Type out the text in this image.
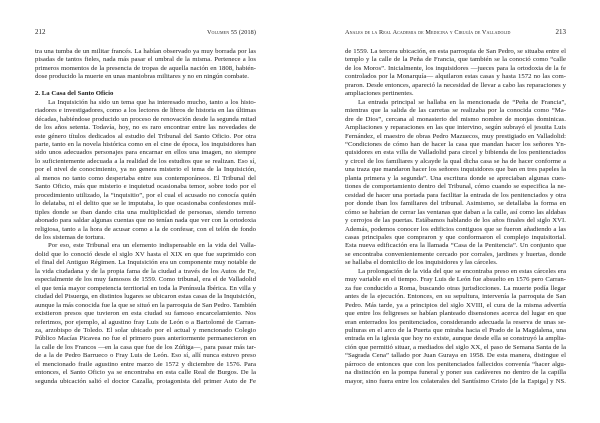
212	Volumen 55 (2018)
tra una tumba de un militar francés. La habían observado ya muy borrada por las
pisadas de tantos fieles, nada más pasar el umbral de la misma. Pertenece a los
primeros momentos de la presencia de tropas de aquella nación en 1808, habién-
dose producido la muerte en unas maniobras militares y no en ningún combate.
2. La Casa del Santo Oficio
La Inquisición ha sido un tema que ha interesado mucho, tanto a los histo-
riadores e investigadores, como a los lectores de libros de historia en las últimas
décadas, habiéndose producido un proceso de renovación desde la segunda mitad
de los años setenta. Todavía, hoy, no es raro encontrar entre las novedades de
este género títulos dedicados al estudio del Tribunal del Santo Oficio. Por otra
parte, tanto en la novela histórica como en el cine de época, los inquisidores han
sido unos adecuados personajes para encarnar en ellos una imagen, no siempre
lo suficientemente adecuada a la realidad de los estudios que se realizan. Eso sí,
por el nivel de conocimiento, ya no genera misterio el tema de la Inquisición,
al menos no tanto como despertaba entre sus contemporáneos. El Tribunal del
Santo Oficio, más que misterio e inquietud ocasionaba temor, sobre todo por el
procedimiento utilizado, la “inquisitio”, por el cual el acusado no conocía quién
lo delataba, ni el delito que se le imputaba, lo que ocasionaba confesiones múl-
tiples donde se iban dando cita una multiplicidad de personas, siendo terreno
abonado para saldar algunas cuentas que no tenían nada que ver con la ortodoxia
religiosa, tanto a la hora de acusar como a la de confesar, con el telón de fondo
de los sistemas de tortura.
Por eso, este Tribunal era un elemento indispensable en la vida del Valla-
dolid que lo conoció desde el siglo XV hasta el XIX en que fue suprimido con
el final del Antiguo Régimen. La Inquisición era un componente muy notable de
la vida ciudadana y de la propia fama de la ciudad a través de los Autos de Fe,
especialmente de los muy famosos de 1559. Como tribunal, era el de Valladolid
el que tenía mayor competencia territorial en toda la Península Ibérica. En villa y
ciudad del Pisuerga, en distintos lugares se ubicaron estas casas de la Inquisición,
aunque la más conocida fue la que se situó en la parroquia de San Pedro. También
existieron presos que tuvieron en esta ciudad su famoso encarcelamiento. Nos
referimos, por ejemplo, al agustino fray Luis de León o a Bartolomé de Carran-
za, arzobispo de Toledo. El solar ubicado por el actual y mencionado Colegio
Público Macías Picavea no fue el primero pues anteriormente permanecieron en
la calle de los Francos —en la casa que fue de los Zúñiga—, para pasar más tar-
de a la de Pedro Barrueco o Fray Luis de León. Eso sí, allí nunca estuvo preso
el mencionado fraile agustino entre marzo de 1572 y diciembre de 1576. Para
entonces, el Santo Oficio ya se encontraba en esta calle Real de Burgos. De la
segunda ubicación salió el doctor Cazalla, protagonista del primer Auto de Fe
Anales de la Real Academia de Medicina y Cirugía de Valladolid	213
de 1559. La tercera ubicación, en esta parroquia de San Pedro, se situaba entre el
templo y la calle de la Peña de Francia, que también se la conoció como “calle
de los Moros”. Inicialmente, los inquisidores —jueces para la ortodoxia de la fe
controlados por la Monarquía— alquilaron estas casas y hasta 1572 no las com-
praron. Desde entonces, apareció la necesidad de llevar a cabo las reparaciones y
ampliaciones pertinentes.
La entrada principal se hallaba en la mencionada de “Peña de Francia”,
mientras que la salida de las carretas se realizaba por la conocida como “Ma-
dre de Dios”, cercana al monasterio del mismo nombre de monjas dominicas.
Ampliaciones y reparaciones en las que intervino, según subrayó el jesuita Luis
Fernández, el maestro de obras Pedro Mazuecos, muy prestigiado en Valladolid:
“Condiciones de cómo han de hacer la casa que mandan hacer los señores Yn-
quisidores en esta villa de Valladolid para circel y bibienda de los penitenciados
y circel de los familiares y alcayde la qual dicha casa se ha de hacer conforme a
una traza que mandaron hacer los señores inquisidores que ban en tres papeles la
planta primera y la segunda”. Una escritura donde se apreciaban algunas cues-
tiones de comportamiento dentro del Tribunal, cómo cuando se especifica la ne-
cesidad de hacer una portada para facilitar la entrada de los penitenciados y otra
por donde iban los familiares del tribunal. Asimismo, se detallaba la forma en
cómo se habrían de cerrar las ventanas que daban a la calle, así como las aldabas
y cerrojos de las puertas. Estábamos hablando de los años finales del siglo XVI.
Además, podemos conocer los edificios contiguos que se fueron añadiendo a las
casas principales que compraron y que conformaron el complejo inquisitorial.
Esta nueva edificación era la llamada “Casa de la Penitencia”. Un conjunto que
se encontraba convenientemente cercado por corrales, jardines y huertas, donde
se hallaba el domicilio de los inquisidores y las cárceles.
La prolongación de la vida del que se encontraba preso en estas cárceles era
muy variable en el tiempo. Fray Luis de León fue absuelto en 1576 pero Carran-
za fue conducido a Roma, buscando otras jurisdicciones. La muerte podía llegar
antes de la ejecución. Entonces, en su sepultura, intervenía la parroquia de San
Pedro. Más tarde, ya a principios del siglo XVIII, el cura de la misma advertía
que entre los feligreses se habían planteado disensiones acerca del lugar en que
eran enterrados los penitenciados, considerando adecuada la reserva de unas se-
pulturas en el arco de la Puerta que miraba hacia el Prado de la Magdalena, una
entrada en la iglesia que hoy no existe, aunque desde ella se construyó la amplia-
ción que permitió situar, a mediados del siglo XX, el paso de Semana Santa de la
“Sagrada Cena” tallado por Juan Guraya en 1958. De esta manera, distingue el
párroco de entonces que con los penitenciados fallecidos convenía “hacer algu-
na distinción en la pompa funeral y poner sus cadáveres no dentro de la capilla
mayor, sino fuera entre los colaterales del Santísimo Cristo [de la Espiga] y NS.
